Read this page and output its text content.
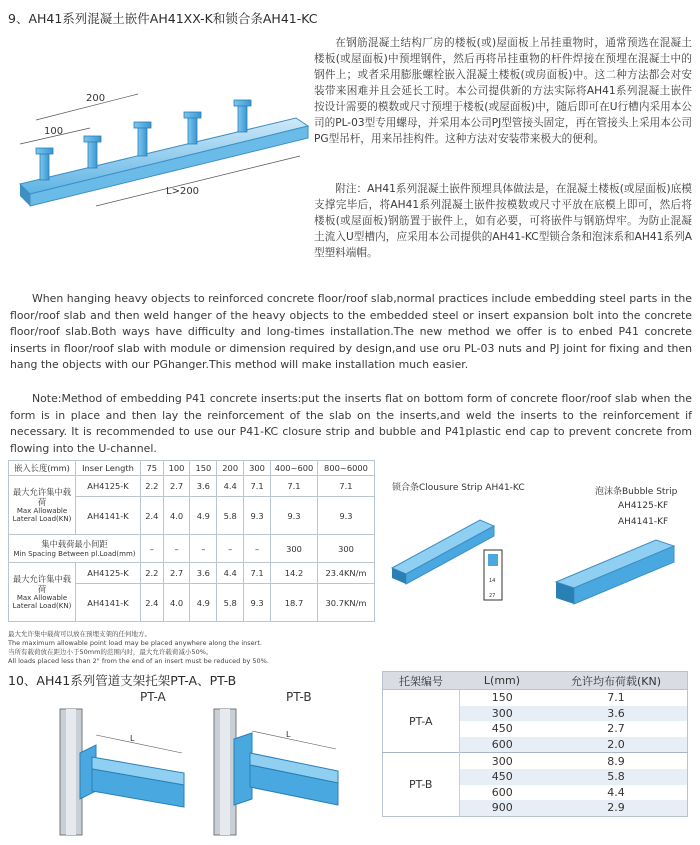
9、AH41系列混凝土嵌件AH41XX-K和锁合条AH41-KC
200
100
L>200
在钢筋混凝土结构厂房的楼板(或)屋面板上吊挂重物时，通常预选在混凝土楼板(或屋面板)中预埋钢件，然后再将吊挂重物的杆件焊接在预埋在混凝土中的钢件上；或者采用膨胀螺栓嵌入混凝土楼板(或房面板)中。这二种方法都会对安装带来困难并且会延长工时。本公司提供新的方法实际将AH41系列混凝土嵌件按设计需要的模数或尺寸预埋于楼板(或屋面板)中，随后即可在U行槽内采用本公司的PL-03型专用螺母，并采用本公司PJ型管接头固定，再在管接头上采用本公司PG型吊杆，用来吊挂构件。这种方法对安装带来极大的便利。
附注：AH41系列混凝土嵌件预埋具体做法是，在混凝土楼板(或屋面板)底模支撑完毕后，将AH41系列混凝土嵌件按模数或尺寸平放在底模上即可，然后将楼板(或屋面板)钢筋置于嵌件上，如有必要，可将嵌件与钢筋焊牢。为防止混凝土流入U型槽内，应采用本公司提供的AH41-KC型锁合条和泡沫系和AH41系列A型塑料端帽。
When hanging heavy objects to reinforced concrete floor/roof slab,normal practices include embedding steel parts in the floor/roof slab and then weld hanger of the heavy objects to the embedded steel or insert expansion bolt into the concrete floor/roof slab.Both ways have difficulty and long-times installation.The new method we offer is to enbed P41 concrete inserts in floor/roof slab with module or dimension required by design,and use oru PL-03 nuts and PJ joint for fixing and then hang the objects with our PGhanger.This method will make installation much easier.
Note:Method of embedding P41 concrete inserts:put the inserts flat on bottom form of concrete floor/roof slab when the form is in place and then lay the reinforcement of the slab on the inserts,and weld the inserts to the reinforcement if necessary. It is recommended to use our P41-KC closure strip and bubble and P41plastic end cap to prevent concrete from flowing into the U-channel.
嵌入长度(mm)	Inser Length	75	100	150	200	300	400~600	800~6000

最大允许集中载荷
Max Allowable Lateral Load(KN)	AH4125-K	2.2	2.7	3.6	4.4	7.1	7.1	7.1
	AH4141-K	2.4	4.0	4.9	5.8	9.3	9.3	9.3

集中载荷最小间距
Min Spacing Between pl.Load(mm)		–	–	–	–	–	300	300

最大允许集中载荷
Max Allowable Lateral Load(KN)	AH4125-K	2.2	2.7	3.6	4.4	7.1	14.2	23.4KN/m
	AH4141-K	2.4	4.0	4.9	5.8	9.3	18.7	30.7KN/m
锁合条Clousure Strip AH41-KC
14
27
泡沫条Bubble Strip
AH4125-KF
AH4141-KF
最大允许集中载荷可以放在预埋支架的任何地方。
The maximum allowable point load may be placed anywhere along the insert.
当所有载荷放在距边小于50mm的范围内时，最大允许载荷减小50%。
All loads placed less than 2" from the end of an insert must be reduced by 50%.
10、AH41系列管道支架托架PT-A、PT-B
PT-A	PT-B
L	L
托架编号	L(mm)	允许均布荷载(KN)
PT-A	150	7.1
	300	3.6
	450	2.7
	600	2.0
PT-B	300	8.9
	450	5.8
	600	4.4
	900	2.9
